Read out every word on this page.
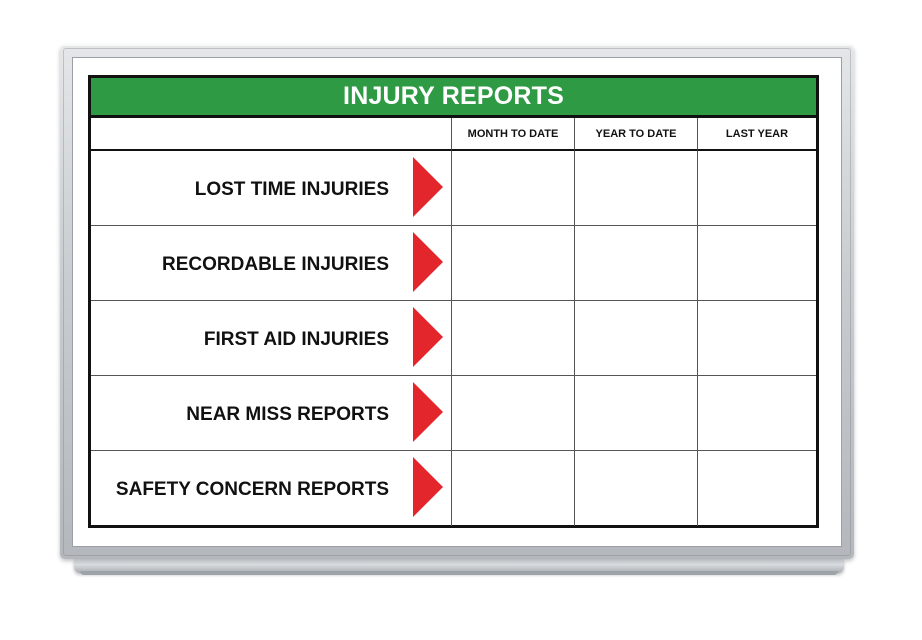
INJURY REPORTS
MONTH TO DATE	YEAR TO DATE	LAST YEAR
LOST TIME INJURIES
RECORDABLE INJURIES
FIRST AID INJURIES
NEAR MISS REPORTS
SAFETY CONCERN REPORTS
